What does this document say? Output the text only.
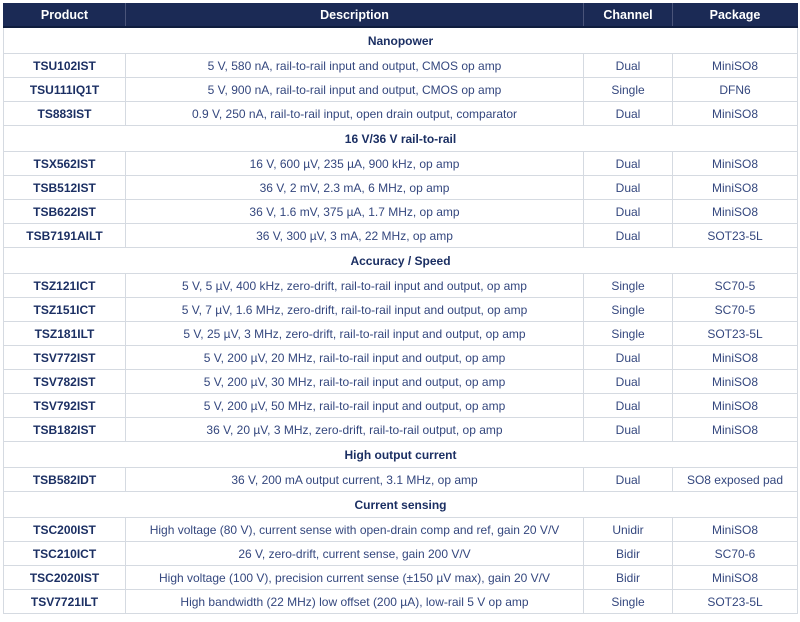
Product	Description	Channel	Package
Nanopower			
TSU102IST	5 V, 580 nA, rail-to-rail input and output, CMOS op amp	Dual	MiniSO8
TSU111IQ1T	5 V, 900 nA, rail-to-rail input and output, CMOS op amp	Single	DFN6
TS883IST	0.9 V, 250 nA, rail-to-rail input, open drain output, comparator	Dual	MiniSO8
16 V/36 V rail-to-rail			
TSX562IST	16 V, 600 µV, 235 µA, 900 kHz, op amp	Dual	MiniSO8
TSB512IST	36 V, 2 mV, 2.3 mA, 6 MHz, op amp	Dual	MiniSO8
TSB622IST	36 V, 1.6 mV, 375 µA, 1.7 MHz, op amp	Dual	MiniSO8
TSB7191AILT	36 V, 300 µV, 3 mA, 22 MHz, op amp	Dual	SOT23-5L
Accuracy / Speed			
TSZ121ICT	5 V, 5 µV, 400 kHz, zero-drift, rail-to-rail input and output, op amp	Single	SC70-5
TSZ151ICT	5 V, 7 µV, 1.6 MHz, zero-drift, rail-to-rail input and output, op amp	Single	SC70-5
TSZ181ILT	5 V, 25 µV, 3 MHz, zero-drift, rail-to-rail input and output, op amp	Single	SOT23-5L
TSV772IST	5 V, 200 µV, 20 MHz, rail-to-rail input and output, op amp	Dual	MiniSO8
TSV782IST	5 V, 200 µV, 30 MHz, rail-to-rail input and output, op amp	Dual	MiniSO8
TSV792IST	5 V, 200 µV, 50 MHz, rail-to-rail input and output, op amp	Dual	MiniSO8
TSB182IST	36 V, 20 µV, 3 MHz, zero-drift, rail-to-rail output, op amp	Dual	MiniSO8
High output current			
TSB582IDT	36 V, 200 mA output current, 3.1 MHz, op amp	Dual	SO8 exposed pad
Current sensing			
TSC200IST	High voltage (80 V), current sense with open-drain comp and ref, gain 20 V/V	Unidir	MiniSO8
TSC210ICT	26 V, zero-drift, current sense, gain 200 V/V	Bidir	SC70-6
TSC2020IST	High voltage (100 V), precision current sense (±150 µV max), gain 20 V/V	Bidir	MiniSO8
TSV7721ILT	High bandwidth (22 MHz) low offset (200 µA), low-rail 5 V op amp	Single	SOT23-5L
